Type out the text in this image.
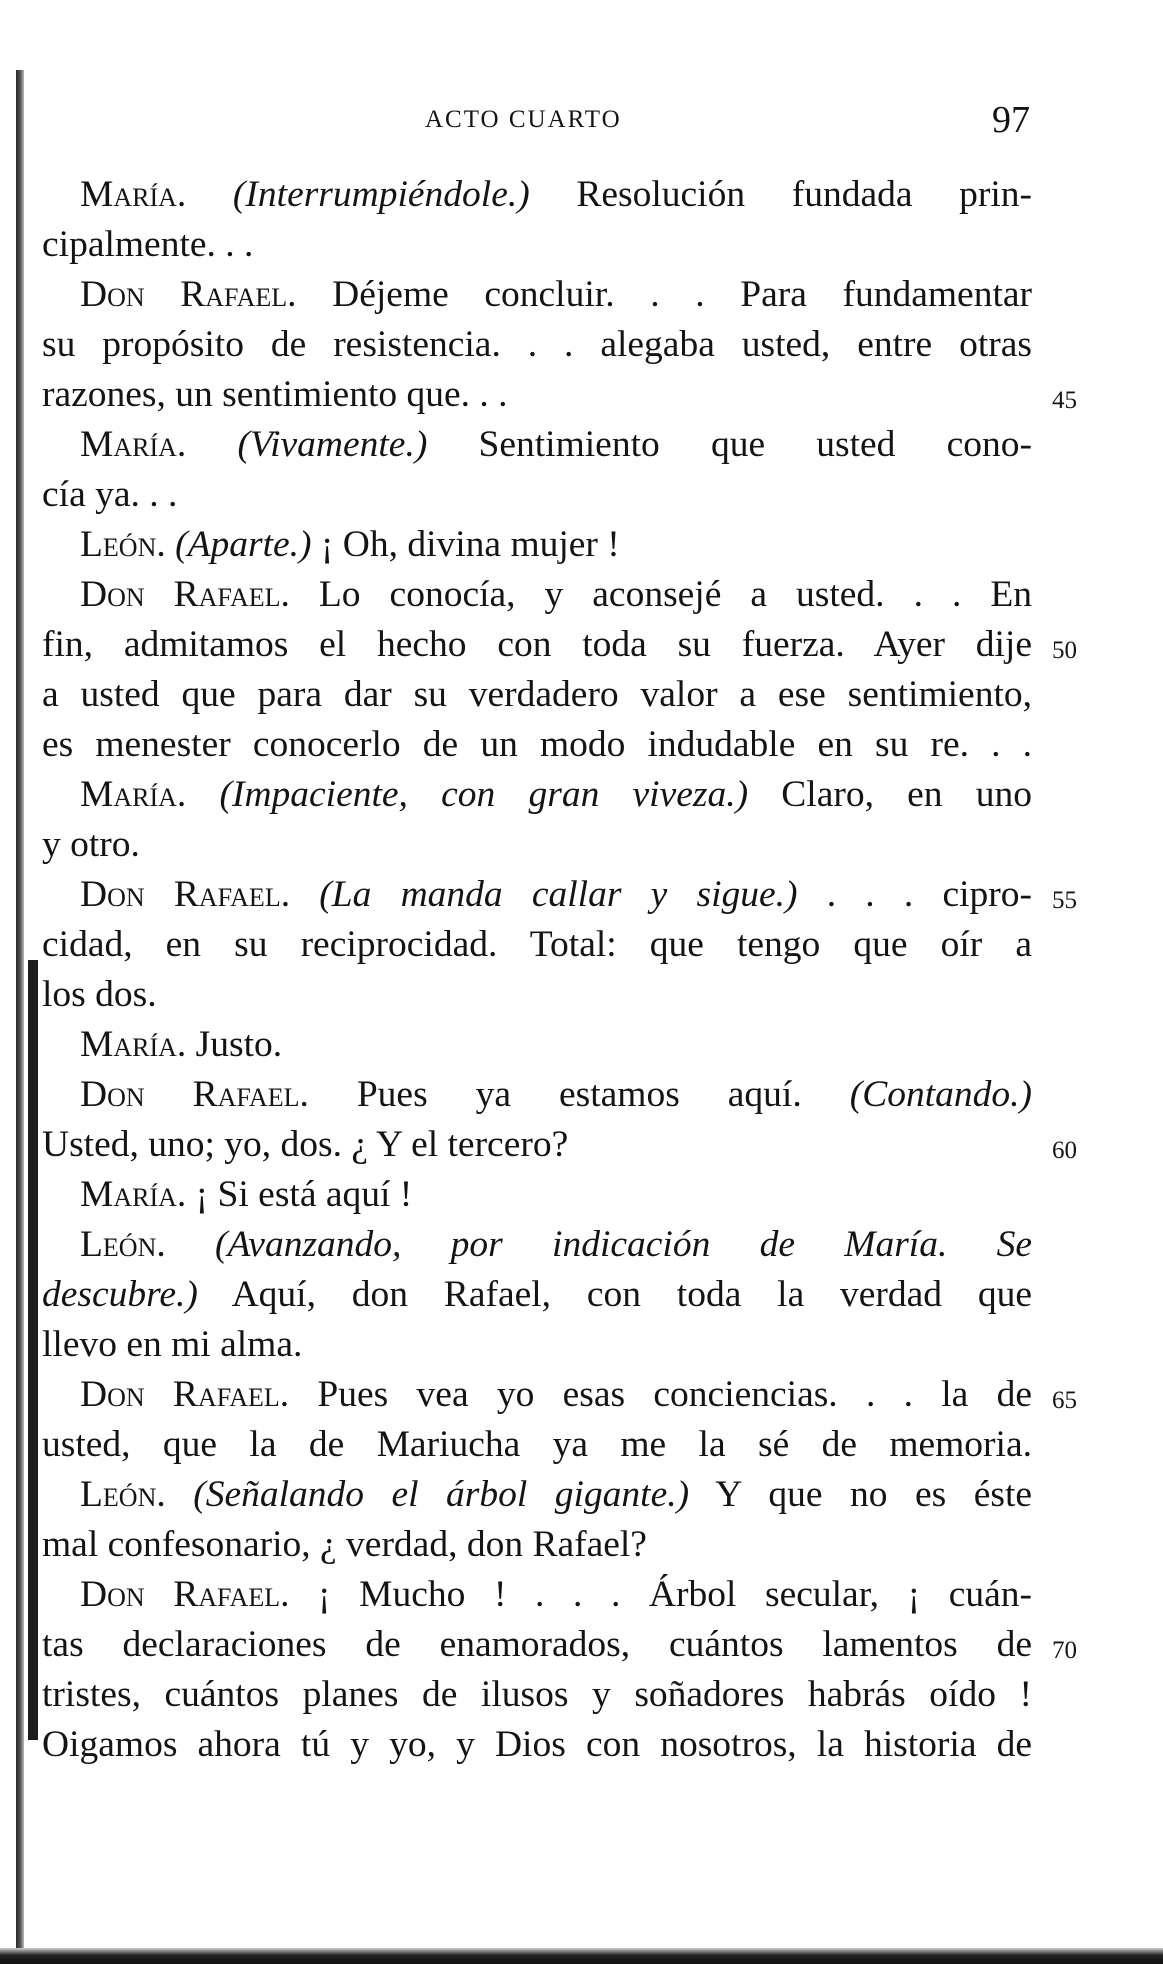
ACTO CUARTO	97
María. (Interrumpiéndole.) Resolución fundada prin-
cipalmente. . .
Don Rafael. Déjeme concluir. . . Para fundamentar
su propósito de resistencia. . . alegaba usted, entre otras
razones, un sentimiento que. . .	45
María. (Vivamente.) Sentimiento que usted cono-
cía ya. . .
León. (Aparte.) ¡ Oh, divina mujer !
Don Rafael. Lo conocía, y aconsejé a usted. . . En
fin, admitamos el hecho con toda su fuerza. Ayer dije 50
a usted que para dar su verdadero valor a ese sentimiento,
es menester conocerlo de un modo indudable en su re. . .
María. (Impaciente, con gran viveza.) Claro, en uno
y otro.
Don Rafael. (La manda callar y sigue.) . . . cipro- 55
cidad, en su reciprocidad. Total: que tengo que oír a
los dos.
María. Justo.
Don Rafael. Pues ya estamos aquí. (Contando.)
Usted, uno; yo, dos. ¿ Y el tercero?	60
María. ¡ Si está aquí !
León. (Avanzando, por indicación de María. Se
descubre.) Aquí, don Rafael, con toda la verdad que
llevo en mi alma.
Don Rafael. Pues vea yo esas conciencias. . . la de 65
usted, que la de Mariucha ya me la sé de memoria.
León. (Señalando el árbol gigante.) Y que no es éste
mal confesonario, ¿ verdad, don Rafael?
Don Rafael. ¡ Mucho ! . . . Árbol secular, ¡ cuán-
tas declaraciones de enamorados, cuántos lamentos de 70
tristes, cuántos planes de ilusos y soñadores habrás oído !
Oigamos ahora tú y yo, y Dios con nosotros, la historia de
